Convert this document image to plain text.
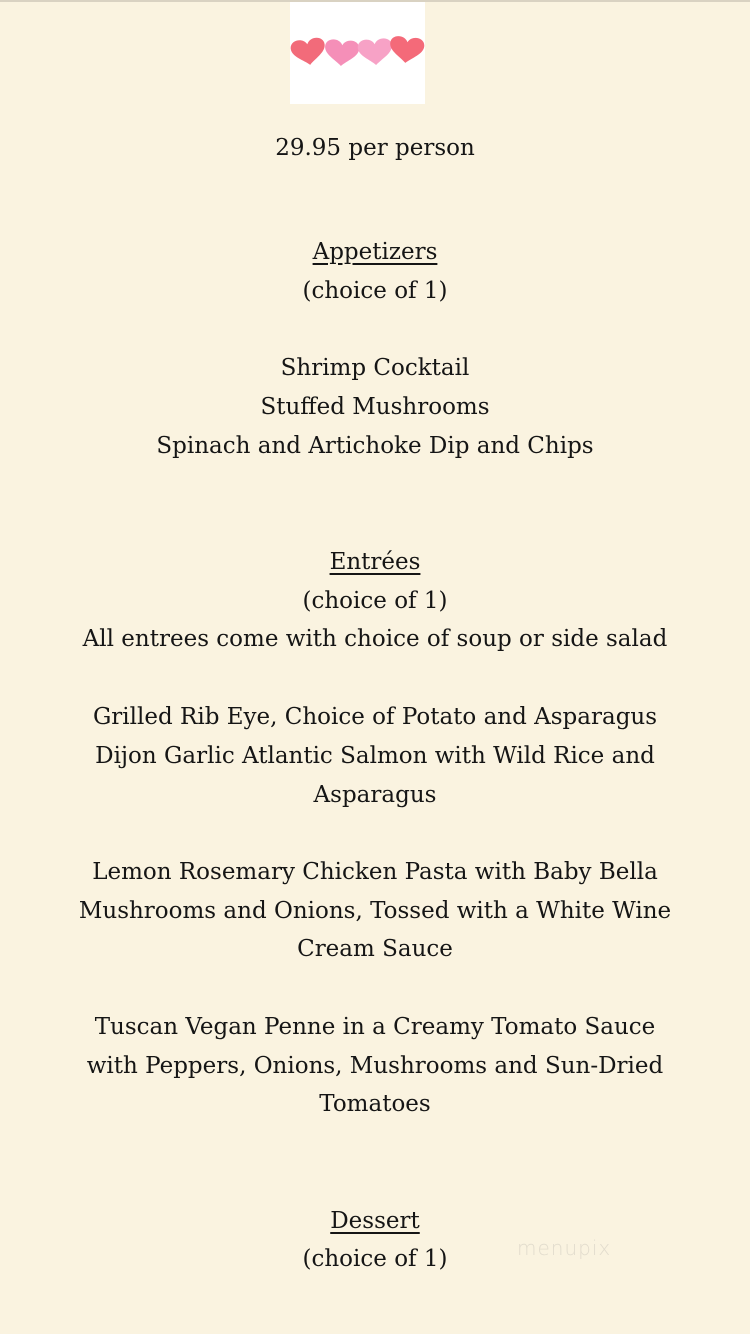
29.95 per person
Appetizers
(choice of 1)
Shrimp Cocktail
Stuffed Mushrooms
Spinach and Artichoke Dip and Chips
Entrées
(choice of 1)
All entrees come with choice of soup or side salad
Grilled Rib Eye, Choice of Potato and Asparagus
Dijon Garlic Atlantic Salmon with Wild Rice and
Asparagus
Lemon Rosemary Chicken Pasta with Baby Bella
Mushrooms and Onions, Tossed with a White Wine
Cream Sauce
Tuscan Vegan Penne in a Creamy Tomato Sauce
with Peppers, Onions, Mushrooms and Sun-Dried
Tomatoes
Dessert
(choice of 1)	menupix
